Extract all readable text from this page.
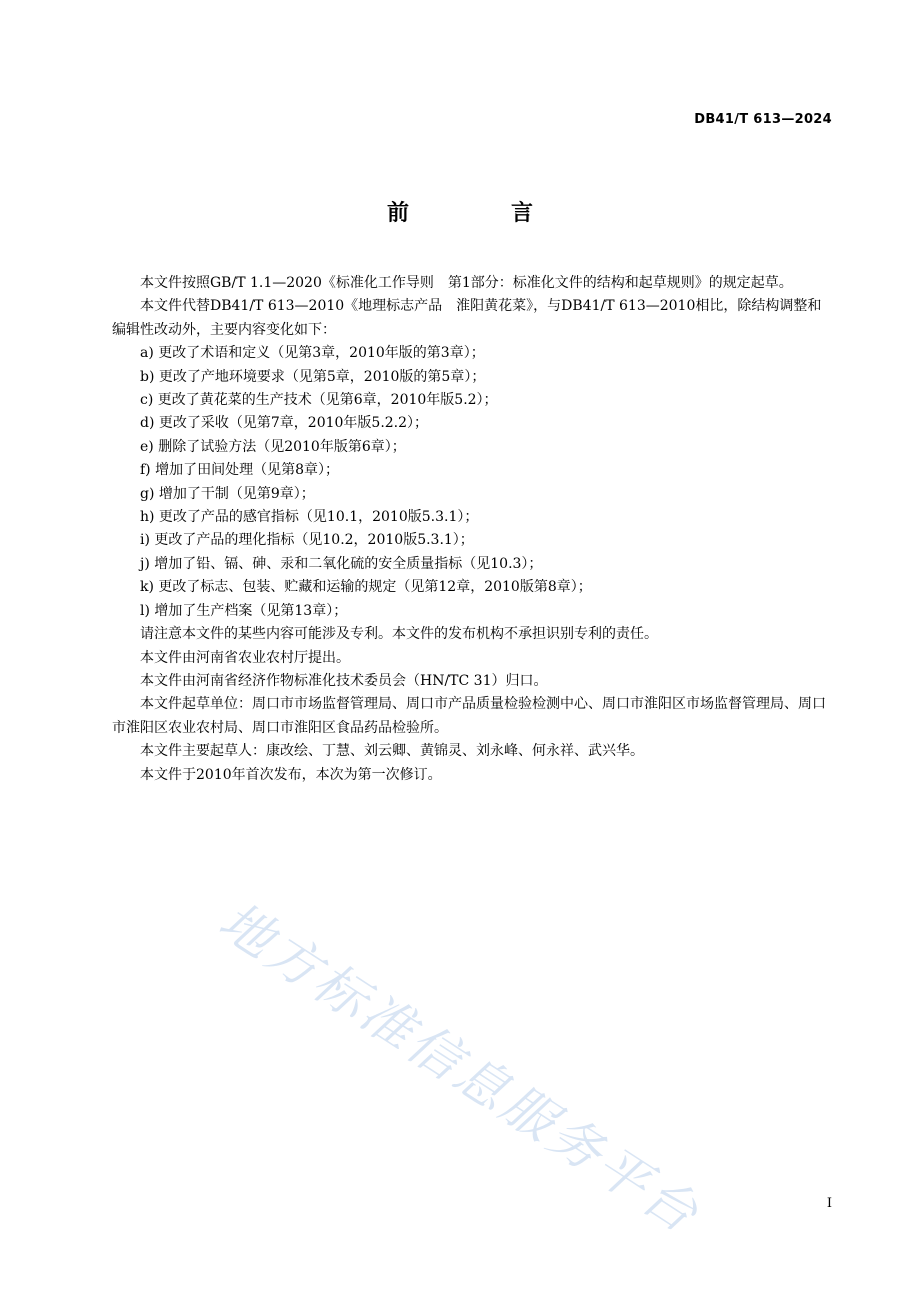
DB41/T 613—2024
前　言

本文件按照GB/T 1.1—2020《标准化工作导则　第1部分：标准化文件的结构和起草规则》的规定起草。

本文件代替DB41/T 613—2010《地理标志产品　淮阳黄花菜》，与DB41/T 613—2010相比，除结构调整和编辑性改动外，主要内容变化如下：

a) 更改了术语和定义（见第3章，2010年版的第3章）；

b) 更改了产地环境要求（见第5章，2010版的第5章）；

c) 更改了黄花菜的生产技术（见第6章，2010年版5.2）；

d) 更改了采收（见第7章，2010年版5.2.2）；

e) 删除了试验方法（见2010年版第6章）；

f) 增加了田间处理（见第8章）；

g) 增加了干制（见第9章）；

h) 更改了产品的感官指标（见10.1，2010版5.3.1）；

i) 更改了产品的理化指标（见10.2，2010版5.3.1）；

j) 增加了铅、镉、砷、汞和二氧化硫的安全质量指标（见10.3）；

k) 更改了标志、包装、贮藏和运输的规定（见第12章，2010版第8章）；

l) 增加了生产档案（见第13章）；

请注意本文件的某些内容可能涉及专利。本文件的发布机构不承担识别专利的责任。

本文件由河南省农业农村厅提出。

本文件由河南省经济作物标准化技术委员会（HN/TC 31）归口。

本文件起草单位：周口市市场监督管理局、周口市产品质量检验检测中心、周口市淮阳区市场监督管理局、周口市淮阳区农业农村局、周口市淮阳区食品药品检验所。

本文件主要起草人：康改绘、丁慧、刘云卿、黄锦灵、刘永峰、何永祥、武兴华。

本文件于2010年首次发布，本次为第一次修订。

地方标准信息服务平台	I
